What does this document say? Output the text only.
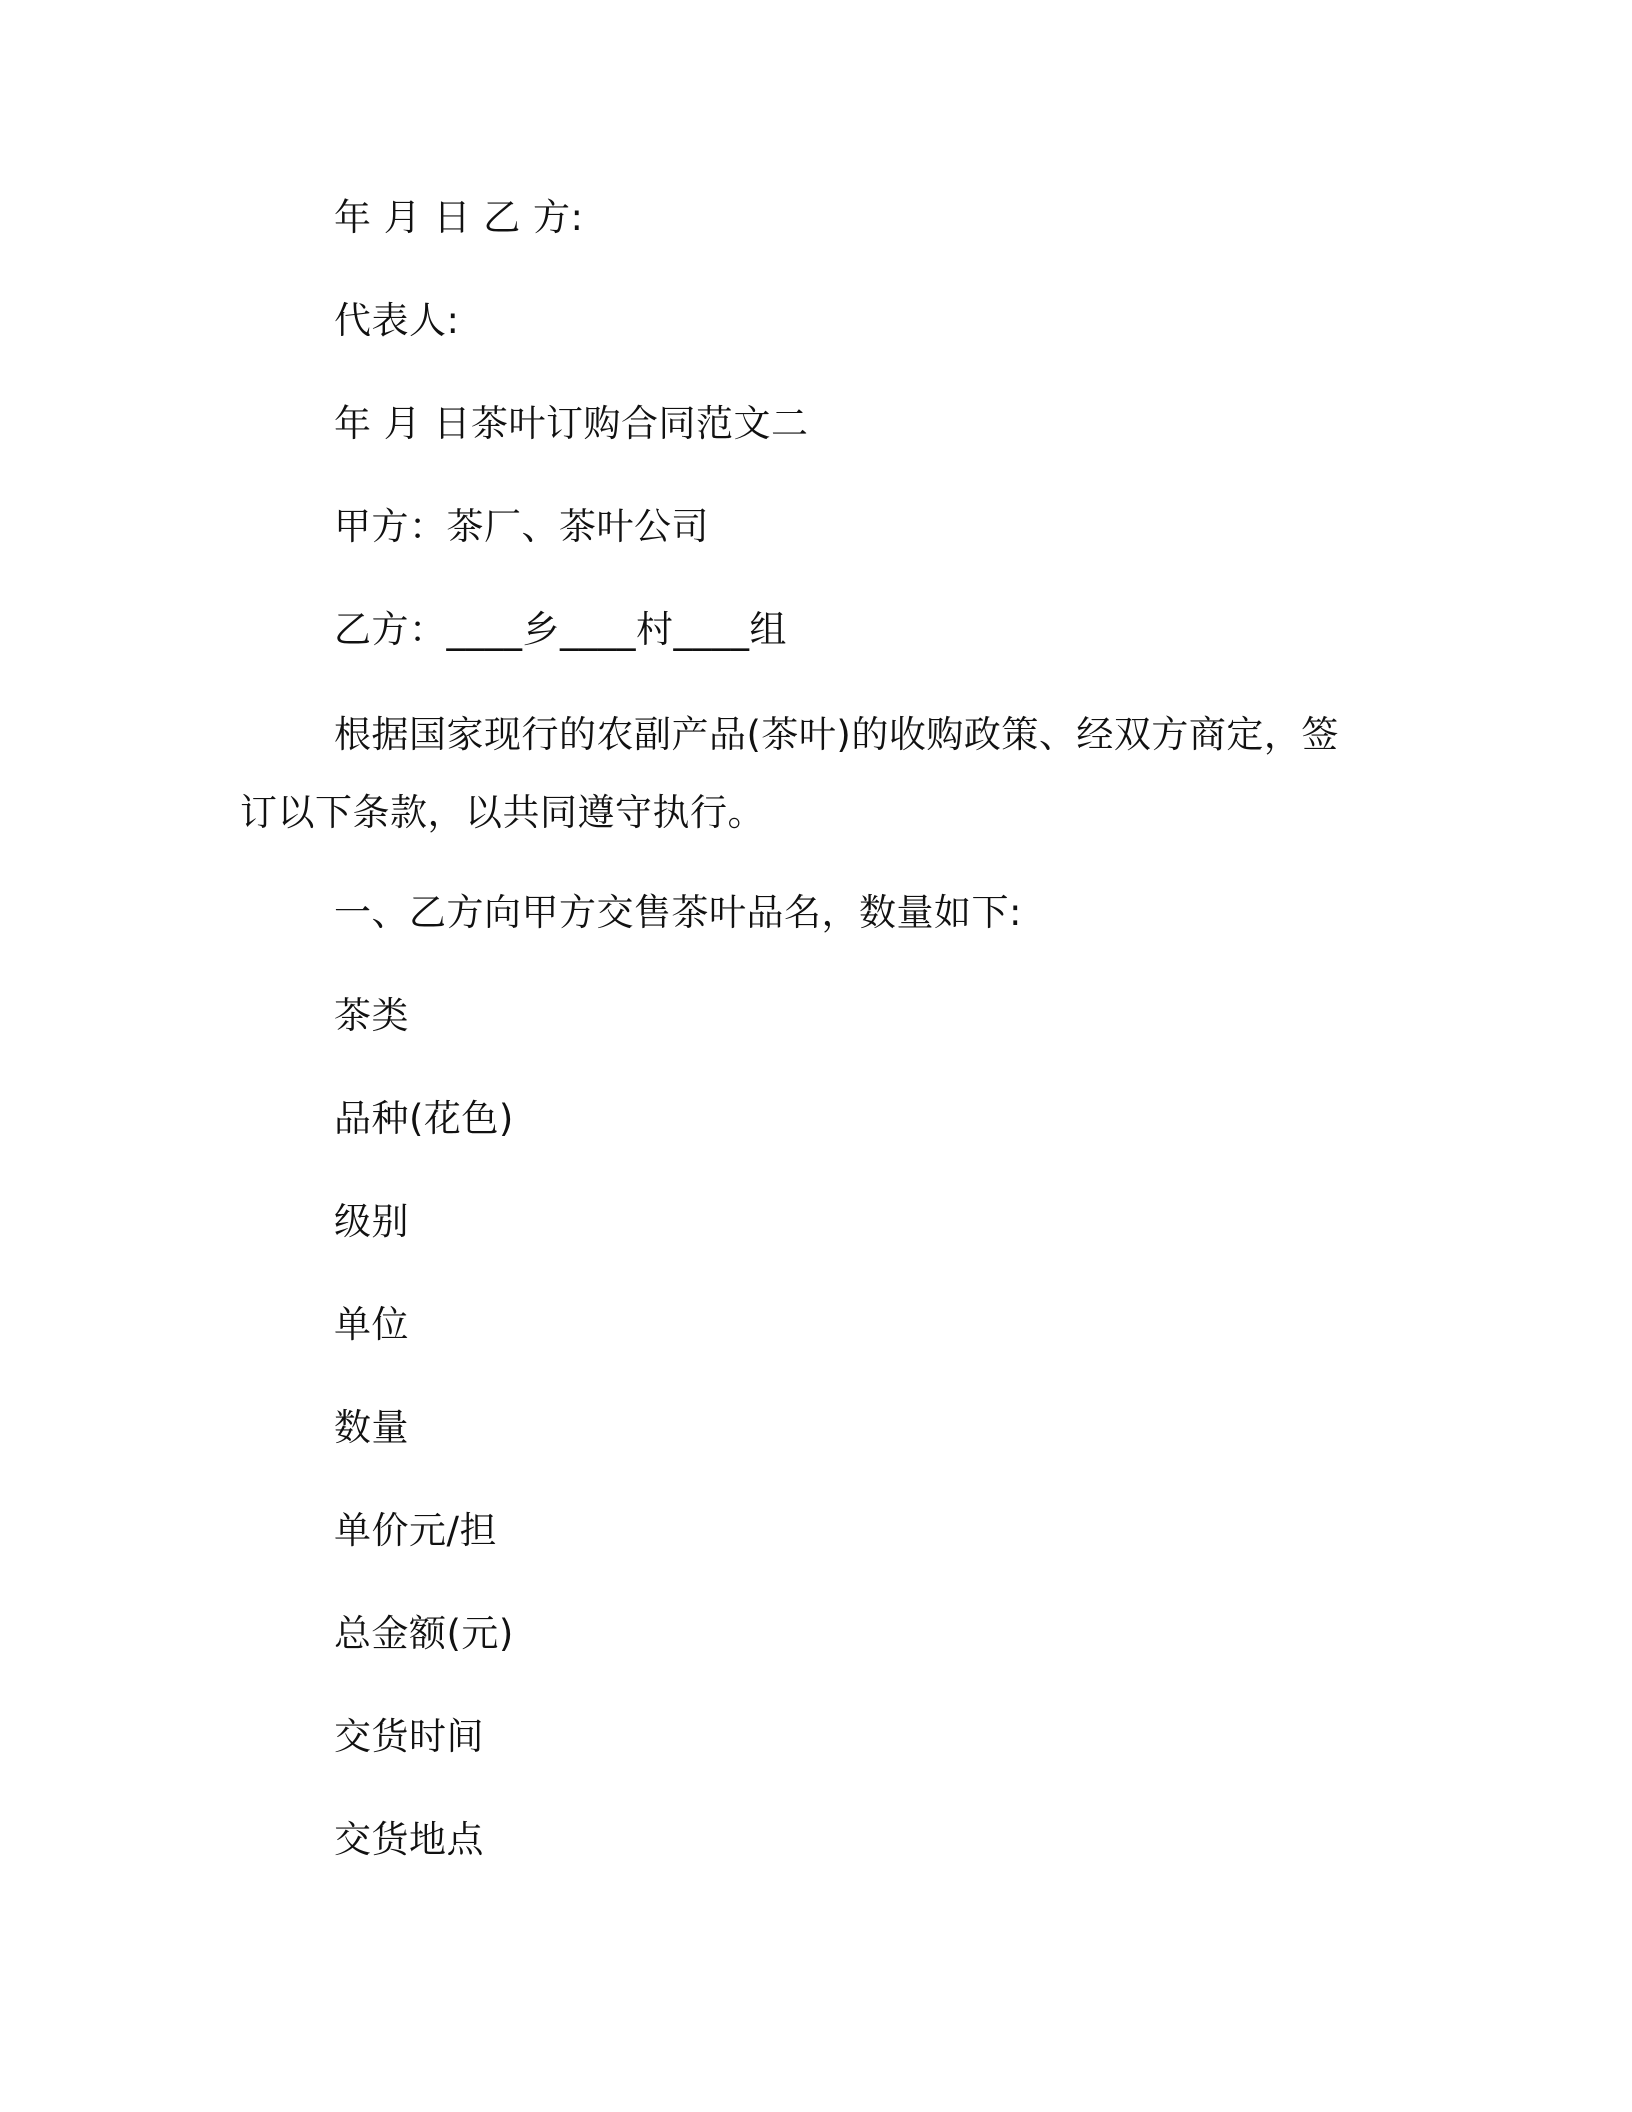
年 月 日 乙 方:
代表人:
年 月 日茶叶订购合同范文二
甲方：茶厂、茶叶公司
乙方：____乡____村____组
根据国家现行的农副产品(茶叶)的收购政策、经双方商定，签订以下条款，以共同遵守执行。
一、乙方向甲方交售茶叶品名，数量如下:
茶类
品种(花色)
级别
单位
数量
单价元/担
总金额(元)
交货时间
交货地点
